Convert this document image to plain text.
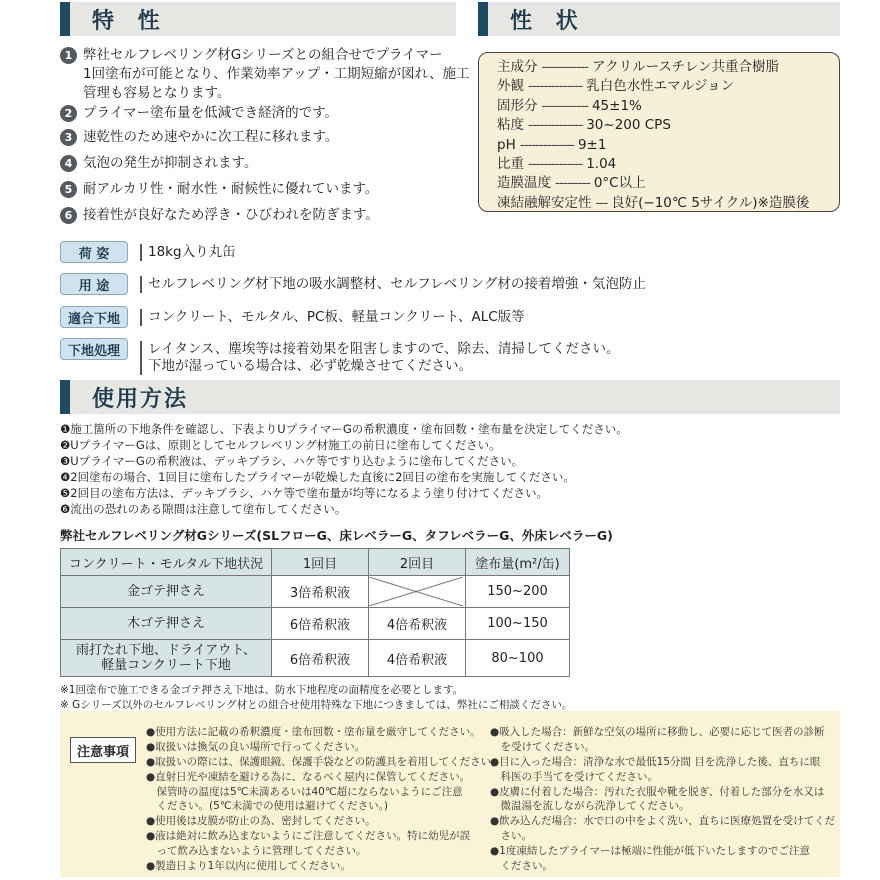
特 性	性 状
1 弊社セルフレベリング材Gシリーズとの組合せでプライマー
1回塗布が可能となり、作業効率アップ・工期短縮が図れ、施工
管理も容易となります。
2 プライマー塗布量を低減でき経済的です。
3 速乾性のため速やかに次工程に移れます。
4 気泡の発生が抑制されます。
5 耐アルカリ性・耐水性・耐候性に優れています。
6 接着性が良好なため浮き・ひびわれを防ぎます。
主成分 ------------ アクリルースチレン共重合樹脂
外観 -------------- 乳白色水性エマルジョン
固形分 ------------ 45±1%
粘度 -------------- 30~200 CPS
pH -------------- 9±1
比重 -------------- 1.04
造膜温度 --------- 0°C以上
凍結融解安定性 --- 良好(−10℃ 5サイクル)※造膜後
荷 姿	18kg入り丸缶
用 途	セルフレベリング材下地の吸水調整材、セルフレベリング材の接着増強・気泡防止
適合下地	コンクリート、モルタル、PC板、軽量コンクリート、ALC版等
下地処理	レイタンス、塵埃等は接着効果を阻害しますので、除去、清掃してください。
下地が湿っている場合は、必ず乾燥させてください。
使用方法
❶施工箇所の下地条件を確認し、下表よりUプライマーGの希釈濃度・塗布回数・塗布量を決定してください。
❷UプライマーGは、原則としてセルフレベリング材施工の前日に塗布してください。
❸UプライマーGの希釈液は、デッキブラシ、ハケ等ですり込むように塗布してください。
❹2回塗布の場合、1回目に塗布したプライマーが乾燥した直後に2回目の塗布を実施してください。
❺2回目の塗布方法は、デッキブラシ、ハケ等で塗布量が均等になるよう塗り付けてください。
❻流出の恐れのある隙間は注意して塗布してください。
弊社セルフレベリング材Gシリーズ(SLフローG、床レベラーG、タフレベラーG、外床レベラーG)
コンクリート・モルタル下地状況	1回目	2回目	塗布量(m²/缶)

金ゴテ押さえ	3倍希釈液		150~200

木ゴテ押さえ	6倍希釈液	4倍希釈液	100~150

雨打たれ下地、ドライアウト、
軽量コンクリート下地	6倍希釈液	4倍希釈液	80~100
※1回塗布で施工できる金ゴテ押さえ下地は、防水下地程度の面精度を必要とします。
※ Gシリーズ以外のセルフレベリング材との組合せ使用特殊な下地につきましては、弊社にご相談ください。
注意事項
●使用方法に記載の希釈濃度・塗布回数・塗布量を厳守してください。
●取扱いは換気の良い場所で行ってください。
●取扱いの際には、保護眼鏡、保護手袋などの防護具を着用してください。
●直射日光や凍結を避ける為に、なるべく屋内に保管してください。
　保管時の温度は5℃未満あるいは40℃超にならないようにご注意
　ください。(5℃未満での使用は避けてください。)
●使用後は皮膜が防止の為、密封してください。
●液は絶対に飲み込まないようにご注意してください。特に幼児が誤
　って飲み込まないように管理してください。
●製造日より1年以内に使用してください。
●吸入した場合：新鮮な空気の場所に移動し、必要に応じて医者の診断
　を受けてください。
●目に入った場合：清浄な水で最低15分間 目を洗浄した後、直ちに眼
　科医の手当てを受けてください。
●皮膚に付着した場合：汚れた衣服や靴を脱ぎ、付着した部分を水又は
　微温湯を流しながら洗浄してください。
●飲み込んだ場合：水で口の中をよく洗い、直ちに医療処置を受けてくだ
　さい。
●1度凍結したプライマーは極端に性能が低下いたしますのでご注意
　ください。
